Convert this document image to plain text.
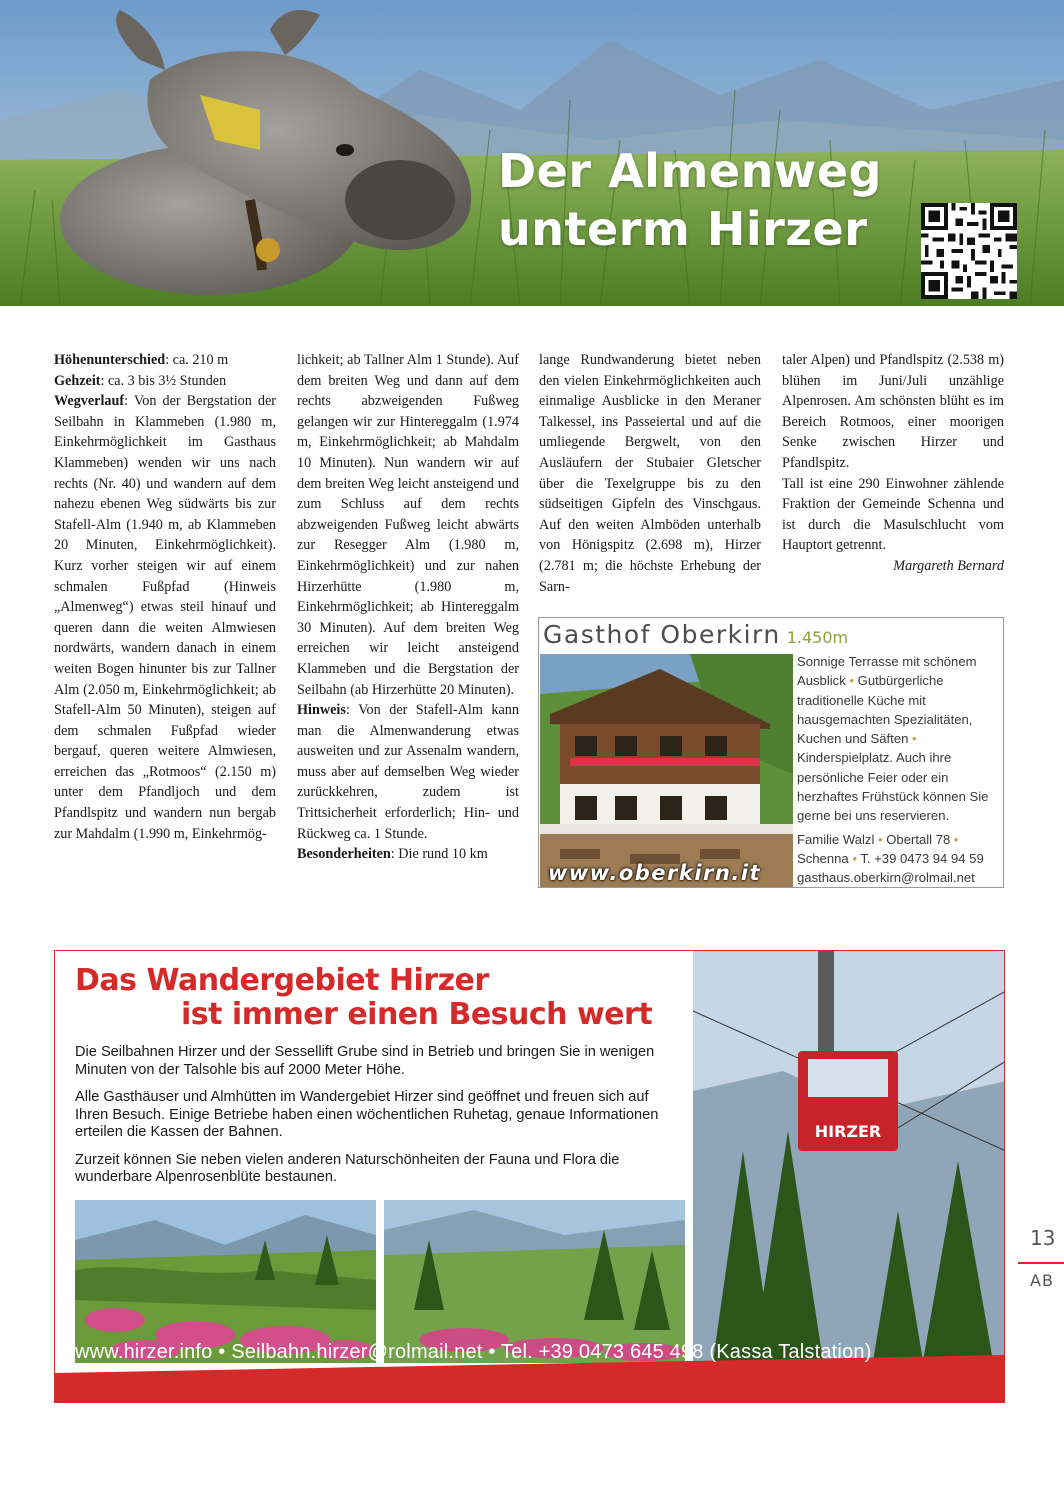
Der Almenweg
unterm Hirzer

Höhenunterschied: ca. 210 m

Gehzeit: ca. 3 bis 3½ Stunden

Wegverlauf: Von der Bergstation der Seilbahn in Klammeben (1.980 m, Einkehrmöglichkeit im Gasthaus Klammeben) wenden wir uns nach rechts (Nr. 40) und wandern auf dem nahezu ebenen Weg südwärts bis zur Stafell-Alm (1.940 m, ab Klammeben 20 Minuten, Einkehrmöglichkeit). Kurz vorher steigen wir auf einem schmalen Fußpfad (Hinweis „Almenweg“) etwas steil hinauf und queren dann die weiten Almwiesen nordwärts, wandern danach in einem weiten Bogen hinunter bis zur Tallner Alm (2.050 m, Einkehrmöglichkeit; ab Stafell-Alm 50 Minuten), steigen auf dem schmalen Fußpfad wieder bergauf, queren weitere Almwiesen, erreichen das „Rotmoos“ (2.150 m) unter dem Pfandljoch und dem Pfandlspitz und wandern nun bergab zur Mahdalm (1.990 m, Einkehrmög-

lichkeit; ab Tallner Alm 1 Stunde). Auf dem breiten Weg und dann auf dem rechts abzweigenden Fußweg gelangen wir zur Hintereggalm (1.974 m, Einkehrmöglichkeit; ab Mahdalm 10 Minuten). Nun wandern wir auf dem breiten Weg leicht ansteigend und zum Schluss auf dem rechts abzweigenden Fußweg leicht abwärts zur Resegger Alm (1.980 m, Einkehrmöglichkeit) und zur nahen Hirzerhütte (1.980 m, Einkehrmöglichkeit; ab Hintereggalm 30 Minuten). Auf dem breiten Weg erreichen wir leicht ansteigend Klammeben und die Bergstation der Seilbahn (ab Hirzerhütte 20 Minuten).

Hinweis: Von der Stafell-Alm kann man die Almenwanderung etwas ausweiten und zur Assenalm wandern, muss aber auf demselben Weg wieder zurückkehren, zudem ist Trittsicherheit erforderlich; Hin- und Rückweg ca. 1 Stunde.

Besonderheiten: Die rund 10 km

lange Rundwanderung bietet neben den vielen Einkehrmöglichkeiten auch einmalige Ausblicke in den Meraner Talkessel, ins Passeiertal und auf die umliegende Bergwelt, von den Ausläufern der Stubaier Gletscher über die Texelgruppe bis zu den südseitigen Gipfeln des Vinschgaus. Auf den weiten Almböden unterhalb von Hönigspitz (2.698 m), Hirzer (2.781 m; die höchste Erhebung der Sarn-

taler Alpen) und Pfandlspitz (2.538 m) blühen im Juni/Juli unzählige Alpenrosen. Am schönsten blüht es im Bereich Rotmoos, einer moorigen Senke zwischen Hirzer und Pfandlspitz.

Tall ist eine 290 Einwohner zählende Fraktion der Gemeinde Schenna und ist durch die Masulschlucht vom Hauptort getrennt.

Margareth Bernard

Gasthof Oberkirn 1.450m
www.oberkirn.it

Sonnige Terrasse mit schönem Ausblick • Gutbürgerliche traditionelle Küche mit hausgemachten Spezialitäten, Kuchen und Säften • Kinderspielplatz. Auch ihre persönliche Feier oder ein herzhaftes Frühstück können Sie gerne bei uns reservieren.

Familie Walzl • Obertall 78 •
Schenna • T. +39 0473 94 94 59
gasthaus.oberkirn@rolmail.net

Das Wandergebiet Hirzer
ist immer einen Besuch wert

Die Seilbahnen Hirzer und der Sessellift Grube sind in Betrieb und bringen Sie in wenigen Minuten von der Talsohle bis auf 2000 Meter Höhe.

Alle Gasthäuser und Almhütten im Wandergebiet Hirzer sind geöffnet und freuen sich auf Ihren Besuch. Einige Betriebe haben einen wöchentlichen Ruhetag, genaue Informationen erteilen die Kassen der Bahnen.

Zurzeit können Sie neben vielen anderen Naturschönheiten der Fauna und Flora die wunderbare Alpenrosenblüte bestaunen.

HIRZER
www.hirzer.info • Seilbahn.hirzer@rolmail.net • Tel. +39 0473 645 498 (Kassa Talstation)
13
AB
